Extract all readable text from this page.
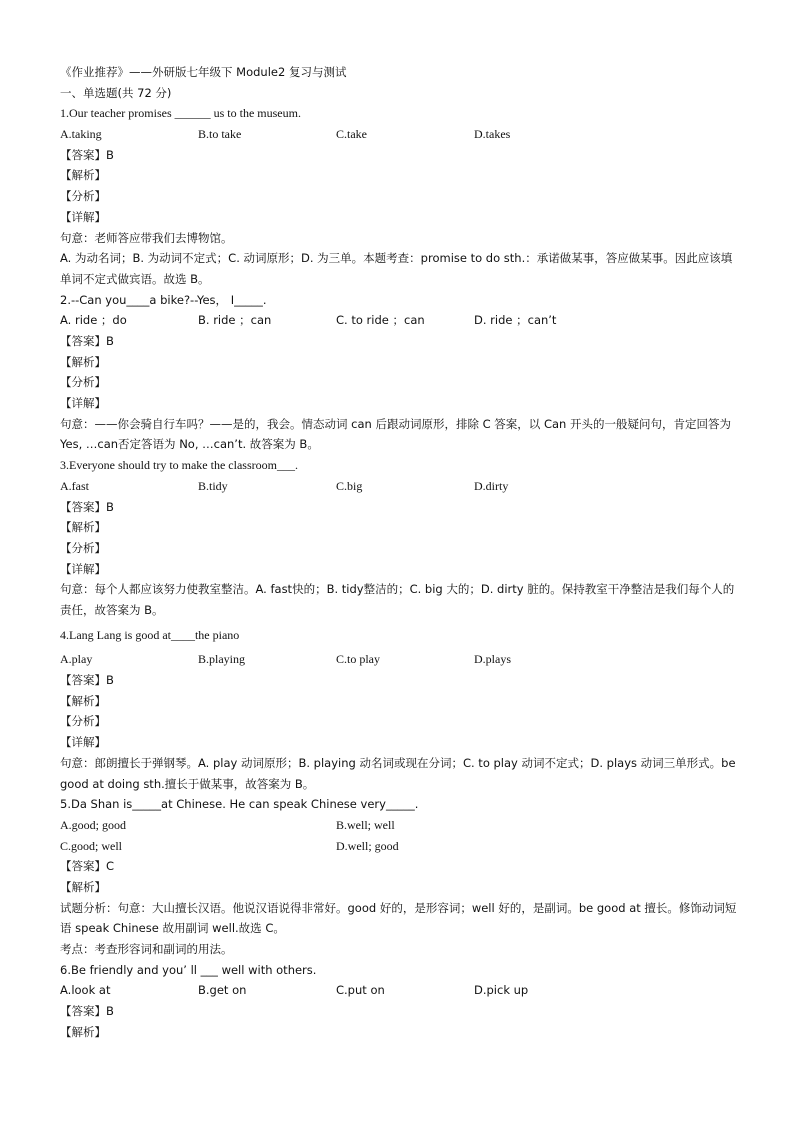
《作业推荐》——外研版七年级下 Module2 复习与测试
一、单选题(共 72 分)
1.Our teacher promises ______ us to the museum.
A.taking	B.to take	C.take	D.takes
【答案】B
【解析】
【分析】
【详解】
句意：老师答应带我们去博物馆。
A. 为动名词；B. 为动词不定式；C. 动词原形；D. 为三单。本题考查：promise to do sth.：承诺做某事，答应做某事。因此应该填单词不定式做宾语。故选 B。
2.--Can you____a bike?--Yes， I_____.
A. ride ；do	B. ride ；can	C. to ride ；can	D. ride ；can’t
【答案】B
【解析】
【分析】
【详解】
句意：——你会骑自行车吗？——是的，我会。情态动词 can 后跟动词原形，排除 C 答案，以 Can 开头的一般疑问句，肯定回答为 Yes, …can否定答语为 No, …can’t. 故答案为 B。
3.Everyone should try to make the classroom___.
A.fast	B.tidy	C.big	D.dirty
【答案】B
【解析】
【分析】
【详解】
句意：每个人都应该努力使教室整洁。A. fast快的；B. tidy整洁的；C. big 大的；D. dirty 脏的。保持教室干净整洁是我们每个人的责任，故答案为 B。
4.Lang Lang is good at____the piano
A.play	B.playing	C.to play	D.plays
【答案】B
【解析】
【分析】
【详解】
句意：郎朗擅长于弹钢琴。A. play 动词原形；B. playing 动名词或现在分词；C. to play 动词不定式；D. plays 动词三单形式。be good at doing sth.擅长于做某事，故答案为 B。
5.Da Shan is_____at Chinese. He can speak Chinese very_____.
A.good; good	B.well; well
C.good; well	D.well; good
【答案】C
【解析】
试题分析：句意：大山擅长汉语。他说汉语说得非常好。good 好的，是形容词；well 好的，是副词。be good at 擅长。修饰动词短语 speak Chinese 故用副词 well.故选 C。
考点：考查形容词和副词的用法。
6.Be friendly and you’ ll ___ well with others.
A.look at	B.get on	C.put on	D.pick up
【答案】B
【解析】
